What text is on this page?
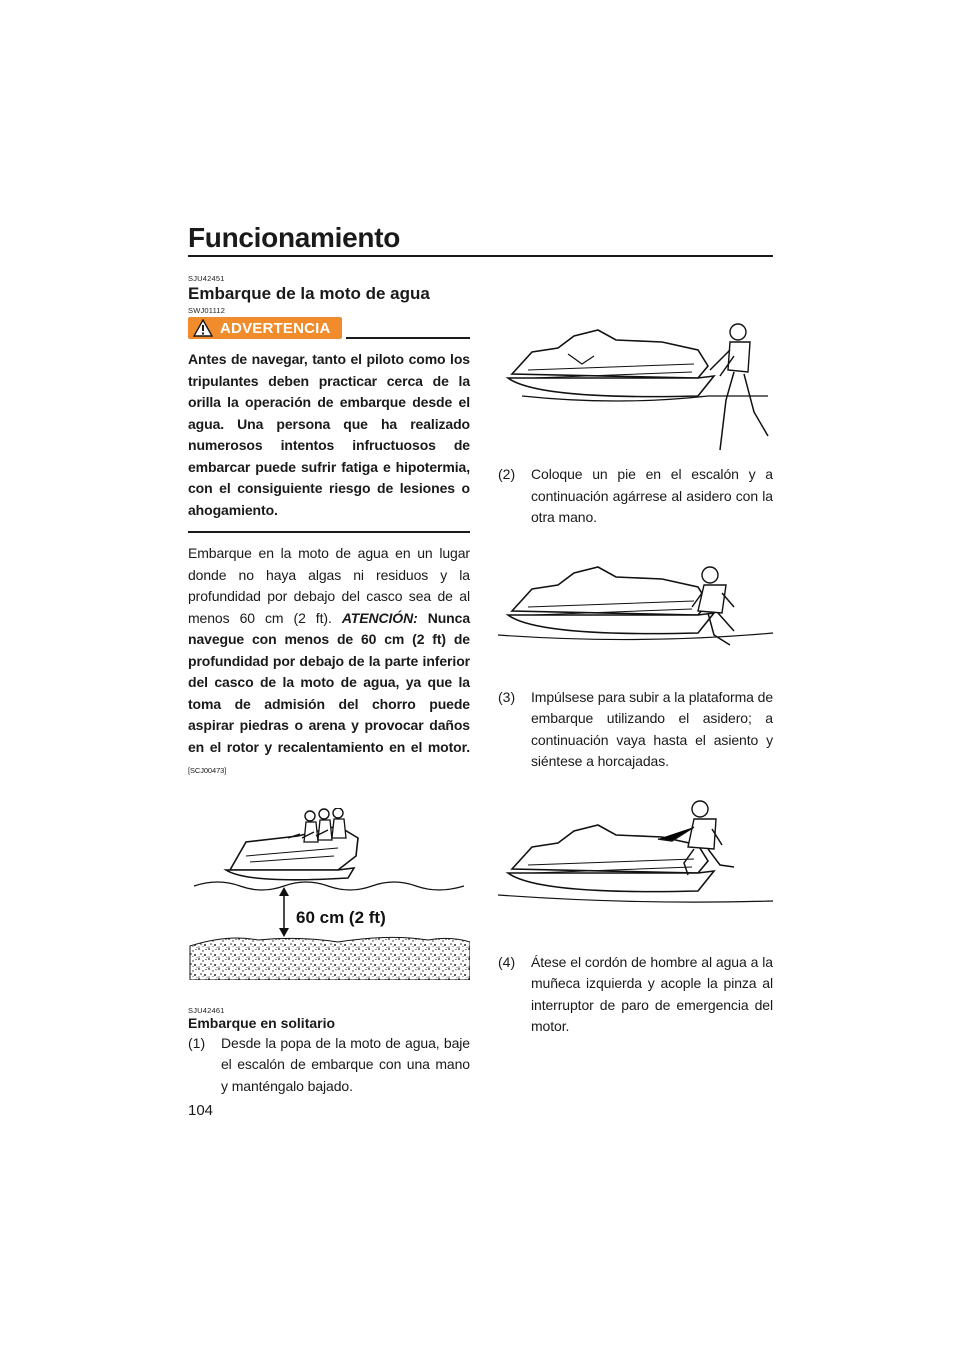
Funcionamiento
SJU42451
Embarque de la moto de agua
SWJ01112
ADVERTENCIA

Antes de navegar, tanto el piloto como los tripulantes deben practicar cerca de la orilla la operación de embarque desde el agua. Una persona que ha realizado numerosos intentos infructuosos de embarcar puede sufrir fatiga e hipotermia, con el consiguiente riesgo de lesiones o ahogamiento.

Embarque en la moto de agua en un lugar donde no haya algas ni residuos y la profundidad por debajo del casco sea de al menos 60 cm (2 ft). ATENCIÓN: Nunca navegue con menos de 60 cm (2 ft) de profundidad por debajo de la parte inferior del casco de la moto de agua, ya que la toma de admisión del chorro puede aspirar piedras o arena y provocar daños en el rotor y recalentamiento en el motor.[SCJ00473]

60 cm (2 ft)
SJU42461
Embarque en solitario
(1)	Desde la popa de la moto de agua, baje el escalón de embarque con una mano y manténgalo bajado.
(2)	Coloque un pie en el escalón y a continuación agárrese al asidero con la otra mano.
(3)	Impúlsese para subir a la plataforma de embarque utilizando el asidero; a continuación vaya hasta el asiento y siéntese a horcajadas.
(4)	Átese el cordón de hombre al agua a la muñeca izquierda y acople la pinza al interruptor de paro de emergencia del motor.
104
